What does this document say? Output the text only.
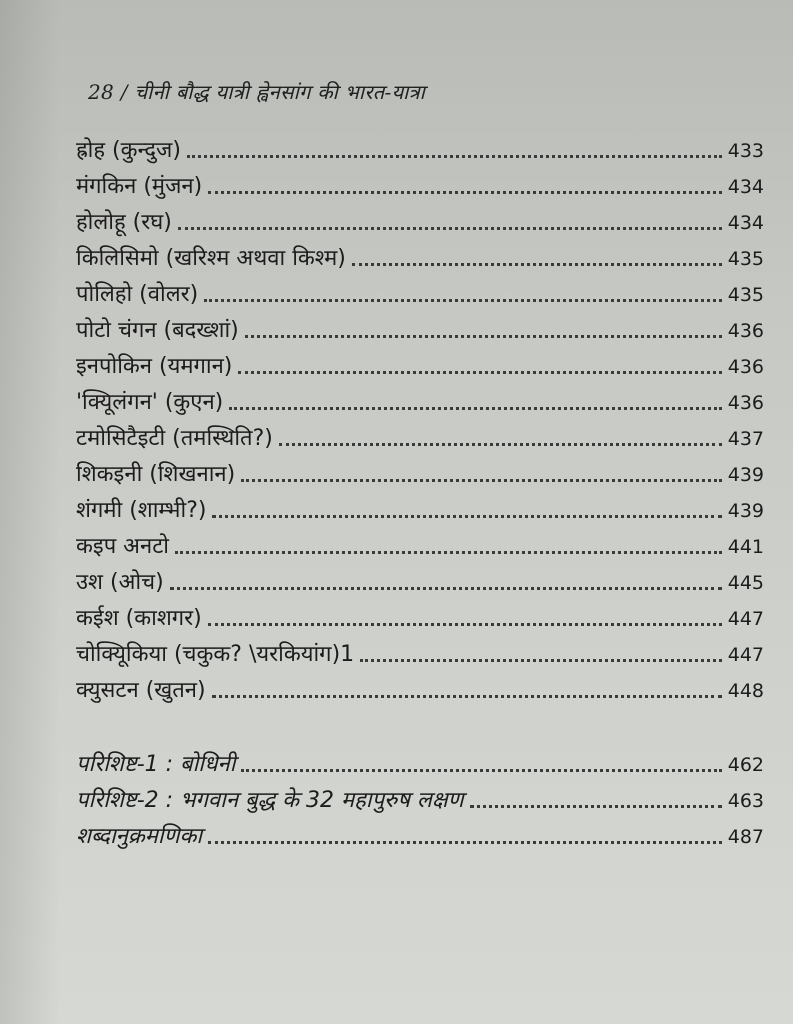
28 / चीनी बौद्ध यात्री ह्वेनसांग की भारत-यात्रा
ह्रोह (कुन्दुज)	433
मंगकिन (मुंजन)	434
होलोहू (रघ)	434
किलिसिमो (खरिश्म अथवा किश्म)	435
पोलिहो (वोलर)	435
पोटो चंगन (बदख्शां)	436
इनपोकिन (यमगान)	436
'क्यिूलंगन' (कुएन)	436
टमोसिटैइटी (तमस्थिति?)	437
शिकइनी (शिखनान)	439
शंगमी (शाम्भी?)	439
कइप अनटो	441
उश (ओच)	445
कईश (काशगर)	447
चोक्यिूकिया (चकुक? \यरकियांग)1	447
क्युसटन (खुतन)	448
परिशिष्ट-1 : बोधिनी	462
परिशिष्ट-2 : भगवान बुद्ध के 32 महापुरुष लक्षण	463
शब्दानुक्रमणिका	487
